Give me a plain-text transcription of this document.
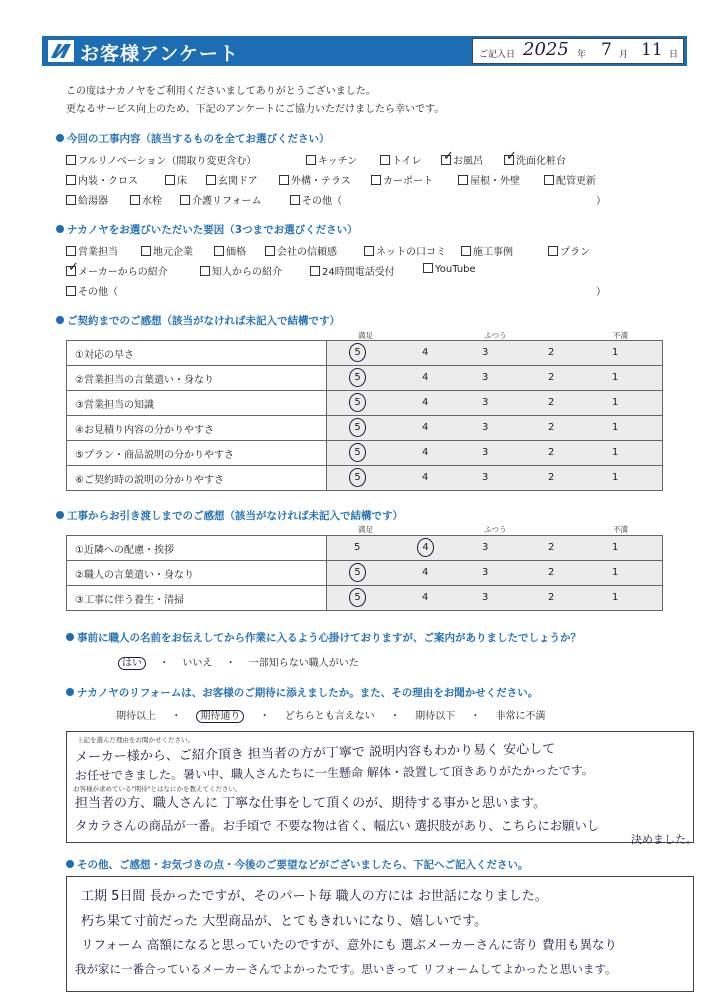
お客様アンケート	ご記入日 2025 年 7 月 11 日
この度はナカノヤをご利用くださいましてありがとうございました。
更なるサービス向上のため、下記のアンケートにご協力いただけましたら幸いです。
今回の工事内容（該当するものを全てお選びください）
フルリノベーション（間取り変更含む）	キッチン	トイレ ✓	お風呂 ✓	洗面化粧台
内装・クロス	床	玄関ドア	外構・テラス	カーポート	屋根・外壁	配管更新
給湯器	水栓	介護リフォーム	その他（	）
ナカノヤをお選びいただいた要因（3つまでお選びください）
営業担当	地元企業	価格	会社の信頼感	ネットの口コミ	施工事例	プラン
✓メーカーからの紹介	知人からの紹介	24時間電話受付	YouTube
その他（	）
ご契約までのご感想（該当がなければ未記入で結構です）
満足	ふつう	不満
①対応の早さ	5 4 3 2 1

②営業担当の言葉遣い・身なり	5 4 3 2 1

③営業担当の知識	5 4 3 2 1

④お見積り内容の分かりやすさ	5 4 3 2 1

⑤プラン・商品説明の分かりやすさ	5 4 3 2 1

⑥ご契約時の説明の分かりやすさ	5 4 3 2 1
工事からお引き渡しまでのご感想（該当がなければ未記入で結構です）
満足	ふつう	不満
①近隣への配慮・挨拶	5 4 3 2 1

②職人の言葉遣い・身なり	5 4 3 2 1

③工事に伴う養生・清掃	5 4 3 2 1
事前に職人の名前をお伝えしてから作業に入るよう心掛けておりますが、ご案内がありましたでしょうか？
はい ・ いいえ ・ 一部知らない職人がいた
ナカノヤのリフォームは、お客様のご期待に添えましたか。また、その理由をお聞かせください。
期待以上 ・ 期待通り ・ どちらとも言えない ・ 期待以下 ・ 非常に不満
上記を選んだ理由をお聞かせください。
メーカー様から、ご紹介頂き 担当者の方が丁寧で 説明内容もわかり易く 安心して
お任せできました。暑い中、職人さんたちに一生懸命 解体・設置して頂きありがたかったです。
お客様が求めている"期待"とはなにかを教えてください。
担当者の方、職人さんに 丁寧な仕事をして頂くのが、期待する事かと思います。
タカラさんの商品が一番。お手頃で 不要な物は省く、幅広い 選択肢があり、こちらにお願いし
決めました。
その他、ご感想・お気づきの点・今後のご要望などがございましたら、下記へご記入ください。
工期 5日間 長かったですが、そのパート毎 職人の方には お世話になりました。
朽ち果て寸前だった 大型商品が、とてもきれいになり、嬉しいです。
リフォーム 高額になると思っていたのですが、意外にも 選ぶメーカーさんに寄り 費用も異なり
我が家に一番合っているメーカーさんでよかったです。思いきって リフォームしてよかったと思います。
